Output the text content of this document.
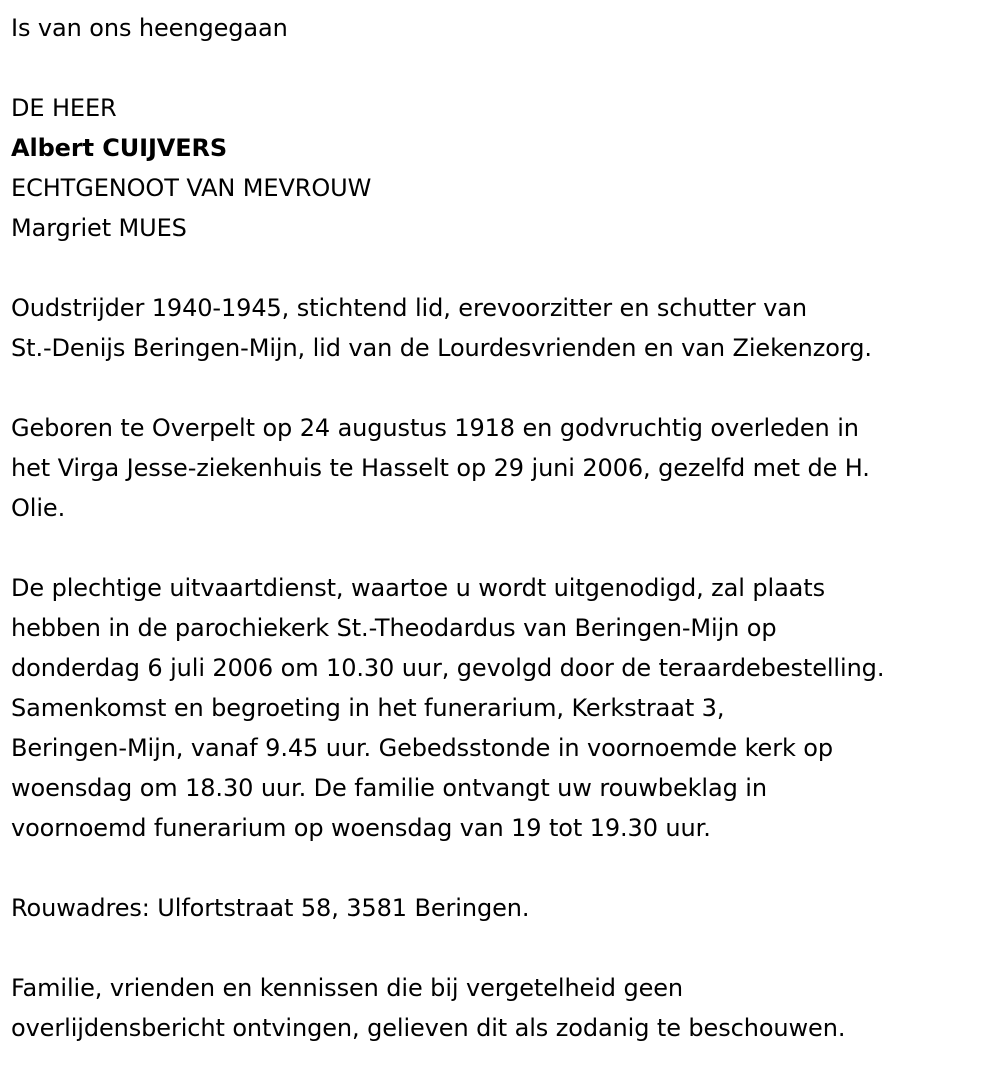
Is van ons heengegaan
DE HEER
Albert CUIJVERS
ECHTGENOOT VAN MEVROUW
Margriet MUES
Oudstrijder 1940-1945, stichtend lid, erevoorzitter en schutter van
St.-Denijs Beringen-Mijn, lid van de Lourdesvrienden en van Ziekenzorg.
Geboren te Overpelt op 24 augustus 1918 en godvruchtig overleden in
het Virga Jesse-ziekenhuis te Hasselt op 29 juni 2006, gezelfd met de H.
Olie.
De plechtige uitvaartdienst, waartoe u wordt uitgenodigd, zal plaats
hebben in de parochiekerk St.-Theodardus van Beringen-Mijn op
donderdag 6 juli 2006 om 10.30 uur, gevolgd door de teraardebestelling.
Samenkomst en begroeting in het funerarium, Kerkstraat 3,
Beringen-Mijn, vanaf 9.45 uur. Gebedsstonde in voornoemde kerk op
woensdag om 18.30 uur. De familie ontvangt uw rouwbeklag in
voornoemd funerarium op woensdag van 19 tot 19.30 uur.
Rouwadres: Ulfortstraat 58, 3581 Beringen.
Familie, vrienden en kennissen die bij vergetelheid geen
overlijdensbericht ontvingen, gelieven dit als zodanig te beschouwen.
